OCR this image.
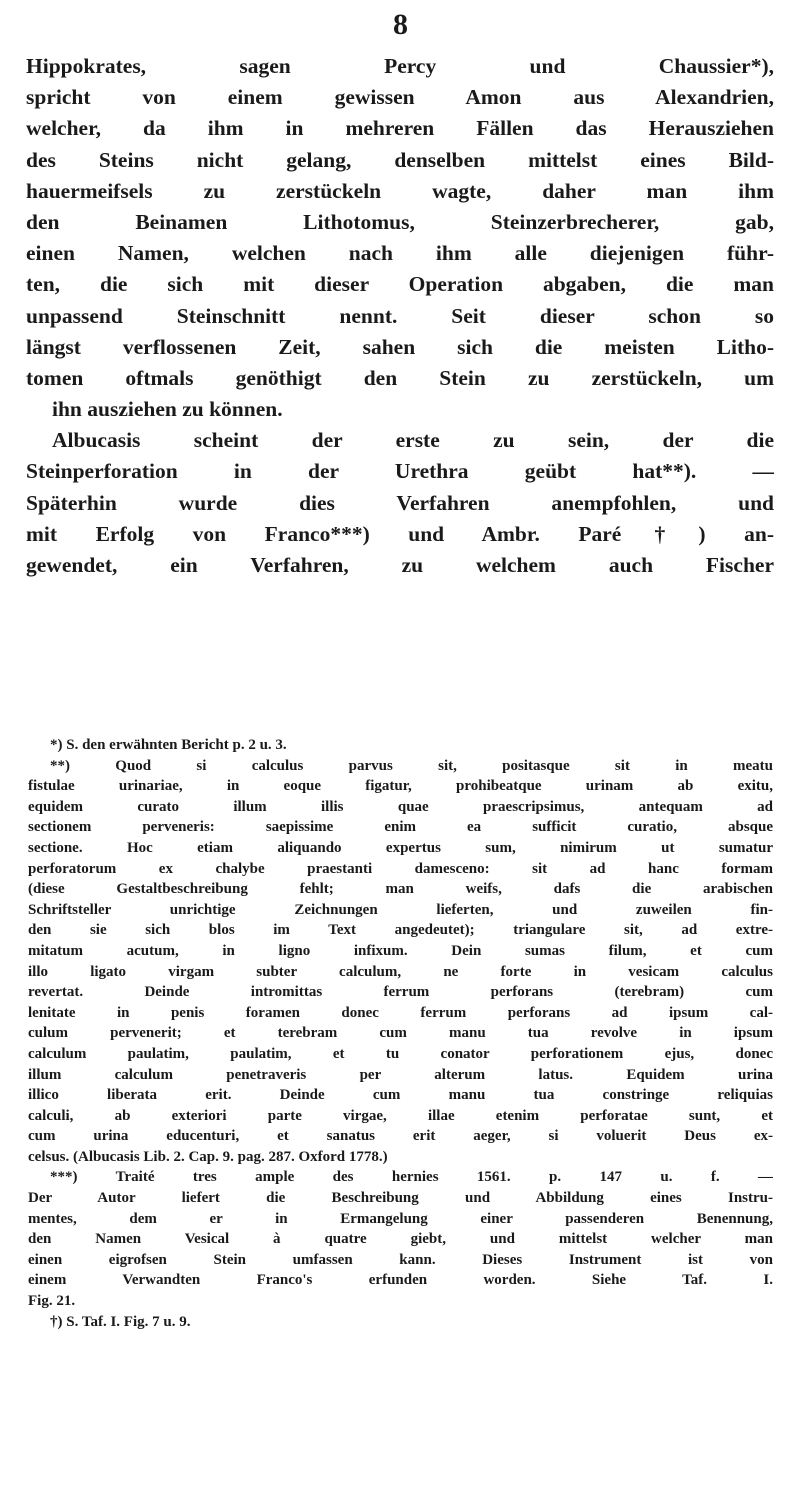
8
Hippokrates, sagen Percy und Chaussier*),
spricht von einem gewissen Amon aus Alexandrien,
welcher, da ihm in mehreren Fällen das Herausziehen
des Steins nicht gelang, denselben mittelst eines Bild-
hauermeifsels zu zerstückeln wagte, daher man ihm
den Beinamen Lithotomus, Steinzerbrecherer, gab,
einen Namen, welchen nach ihm alle diejenigen führ-
ten, die sich mit dieser Operation abgaben, die man
unpassend Steinschnitt nennt. Seit dieser schon so
längst verflossenen Zeit, sahen sich die meisten Litho-
tomen oftmals genöthigt den Stein zu zerstückeln, um
ihn ausziehen zu können.
Albucasis scheint der erste zu sein, der die
Steinperforation in der Urethra geübt hat**). —
Späterhin wurde dies Verfahren anempfohlen, und
mit Erfolg von Franco***) und Ambr. Paré†) an-
gewendet, ein Verfahren, zu welchem auch Fischer
*) S. den erwähnten Bericht p. 2 u. 3.
**) Quod si calculus parvus sit, positasque sit in meatu
fistulae urinariae, in eoque figatur, prohibeatque urinam ab exitu,
equidem curato illum illis quae praescripsimus, antequam ad
sectionem perveneris: saepissime enim ea sufficit curatio, absque
sectione. Hoc etiam aliquando expertus sum, nimirum ut sumatur
perforatorum ex chalybe praestanti damesceno: sit ad hanc formam
(diese Gestaltbeschreibung fehlt; man weifs, dafs die arabischen
Schriftsteller unrichtige Zeichnungen lieferten, und zuweilen fin-
den sie sich blos im Text angedeutet); triangulare sit, ad extre-
mitatum acutum, in ligno infixum. Dein sumas filum, et cum
illo ligato virgam subter calculum, ne forte in vesicam calculus
revertat. Deinde intromittas ferrum perforans (terebram) cum
lenitate in penis foramen donec ferrum perforans ad ipsum cal-
culum pervenerit; et terebram cum manu tua revolve in ipsum
calculum paulatim, paulatim, et tu conator perforationem ejus, donec
illum calculum penetraveris per alterum latus. Equidem urina
illico liberata erit. Deinde cum manu tua constringe reliquias
calculi, ab exteriori parte virgae, illae etenim perforatae sunt, et
cum urina educenturi, et sanatus erit aeger, si voluerit Deus ex-
celsus. (Albucasis Lib. 2. Cap. 9. pag. 287. Oxford 1778.)
***) Traité tres ample des hernies 1561. p. 147 u. f. —
Der Autor liefert die Beschreibung und Abbildung eines Instru-
mentes, dem er in Ermangelung einer passenderen Benennung,
den Namen Vesical à quatre giebt, und mittelst welcher man
einen eigrofsen Stein umfassen kann. Dieses Instrument ist von
einem Verwandten Franco's erfunden worden. Siehe Taf. I.
Fig. 21.
†) S. Taf. I. Fig. 7 u. 9.
